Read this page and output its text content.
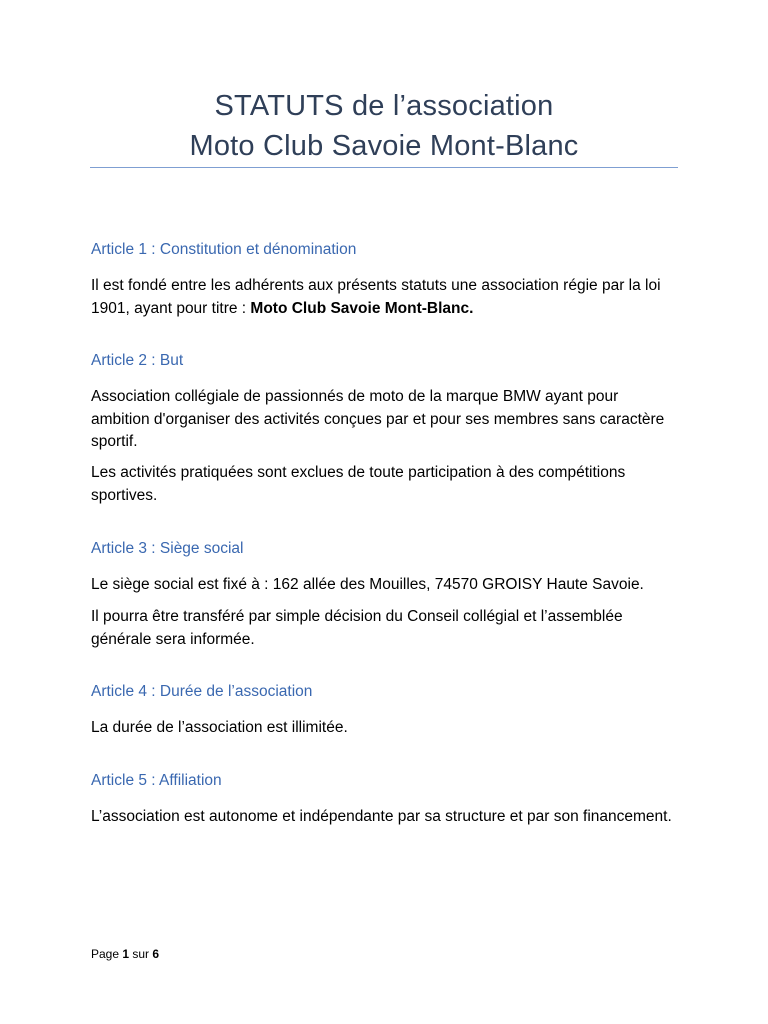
STATUTS de l’association
Moto Club Savoie Mont-Blanc
Article 1 : Constitution et dénomination
Il est fondé entre les adhérents aux présents statuts une association régie par la loi 1901, ayant pour titre : Moto Club Savoie Mont-Blanc.
Article 2 : But
Association collégiale de passionnés de moto de la marque BMW ayant pour ambition d'organiser des activités conçues par et pour ses membres sans caractère sportif.
Les activités pratiquées sont exclues de toute participation à des compétitions sportives.
Article 3 : Siège social
Le siège social est fixé à : 162 allée des Mouilles, 74570 GROISY Haute Savoie.
Il pourra être transféré par simple décision du Conseil collégial et l’assemblée générale sera informée.
Article 4 : Durée de l’association
La durée de l’association est illimitée.
Article 5 : Affiliation
L’association est autonome et indépendante par sa structure et par son financement.
Page 1 sur 6
